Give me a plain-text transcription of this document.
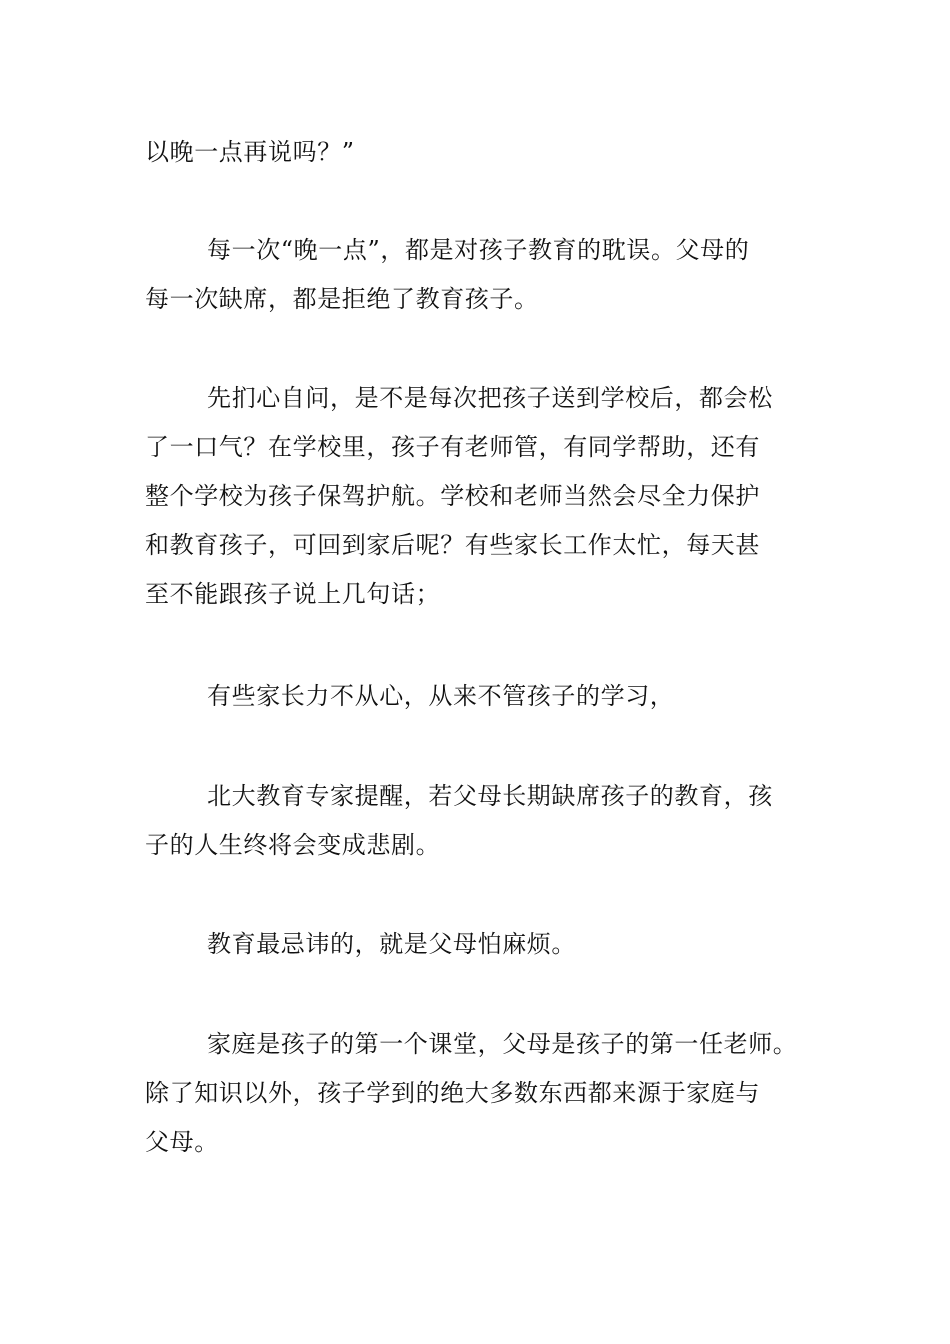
以晚一点再说吗？”
每一次“晚一点”，都是对孩子教育的耽误。父母的
每一次缺席，都是拒绝了教育孩子。
先扪心自问，是不是每次把孩子送到学校后，都会松
了一口气？在学校里，孩子有老师管，有同学帮助，还有
整个学校为孩子保驾护航。学校和老师当然会尽全力保护
和教育孩子，可回到家后呢？有些家长工作太忙，每天甚
至不能跟孩子说上几句话；
有些家长力不从心，从来不管孩子的学习，
北大教育专家提醒，若父母长期缺席孩子的教育，孩
子的人生终将会变成悲剧。
教育最忌讳的，就是父母怕麻烦。
家庭是孩子的第一个课堂，父母是孩子的第一任老师。
除了知识以外，孩子学到的绝大多数东西都来源于家庭与
父母。
